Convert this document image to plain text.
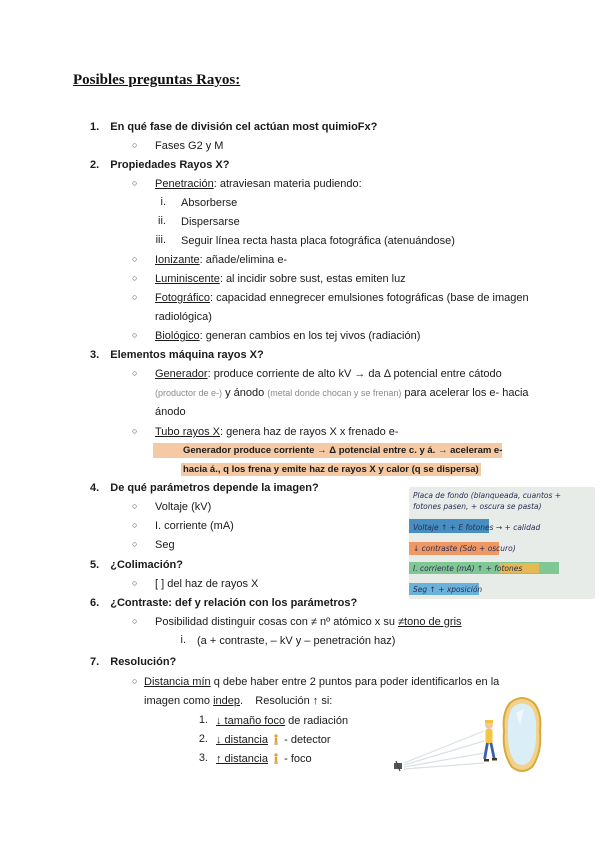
Posibles preguntas Rayos:
1. En qué fase de división cel actúan most quimioFx?
○ Fases G2 y M
2. Propiedades Rayos X?
○ Penetración: atraviesan materia pudiendo:
i. Absorberse
ii. Dispersarse
iii. Seguir línea recta hasta placa fotográfica (atenuándose)
○ Ionizante: añade/elimina e-
○ Luminiscente: al incidir sobre sust, estas emiten luz
○ Fotográfico: capacidad ennegrecer emulsiones fotográficas (base de imagen
radiológica)
○ Biológico: generan cambios en los tej vivos (radiación)
3. Elementos máquina rayos X?
○ Generador: produce corriente de alto kV → da Δ potencial entre cátodo
(productor de e-) y ánodo (metal donde chocan y se frenan) para acelerar los e- hacia
ánodo
○ Tubo rayos X: genera haz de rayos X x frenado e-
Generador produce corriente → Δ potencial entre c. y á. → aceleram e-
hacia á., q los frena y emite haz de rayos X y calor (q se dispersa)
4. De qué parámetros depende la imagen?
○ Voltaje (kV)
○ I. corriente (mA)
○ Seg
Placa de fondo (blanqueada, cuantos +
fotones pasen, + oscura se pasta)
Voltaje ↑ + E fotones → + calidad
↓ contraste (Sdo + oscuro)
I. corriente (mA) ↑ + fotones
Seg ↑ + xposición
5. ¿Colimación?
○ [ ] del haz de rayos X
6. ¿Contraste: def y relación con los parámetros?
○ Posibilidad distinguir cosas con ≠ nº atómico x su ≠tono de gris
i. (a + contraste, – kV y – penetración haz)
7. Resolución?
○ Distancia mín q debe haber entre 2 puntos para poder identificarlos en la
imagen como indep.    Resolución ↑ si:
1. ↓ tamaño foco de radiación
2. ↓ distancia  - detector
3. ↑ distancia  - foco
